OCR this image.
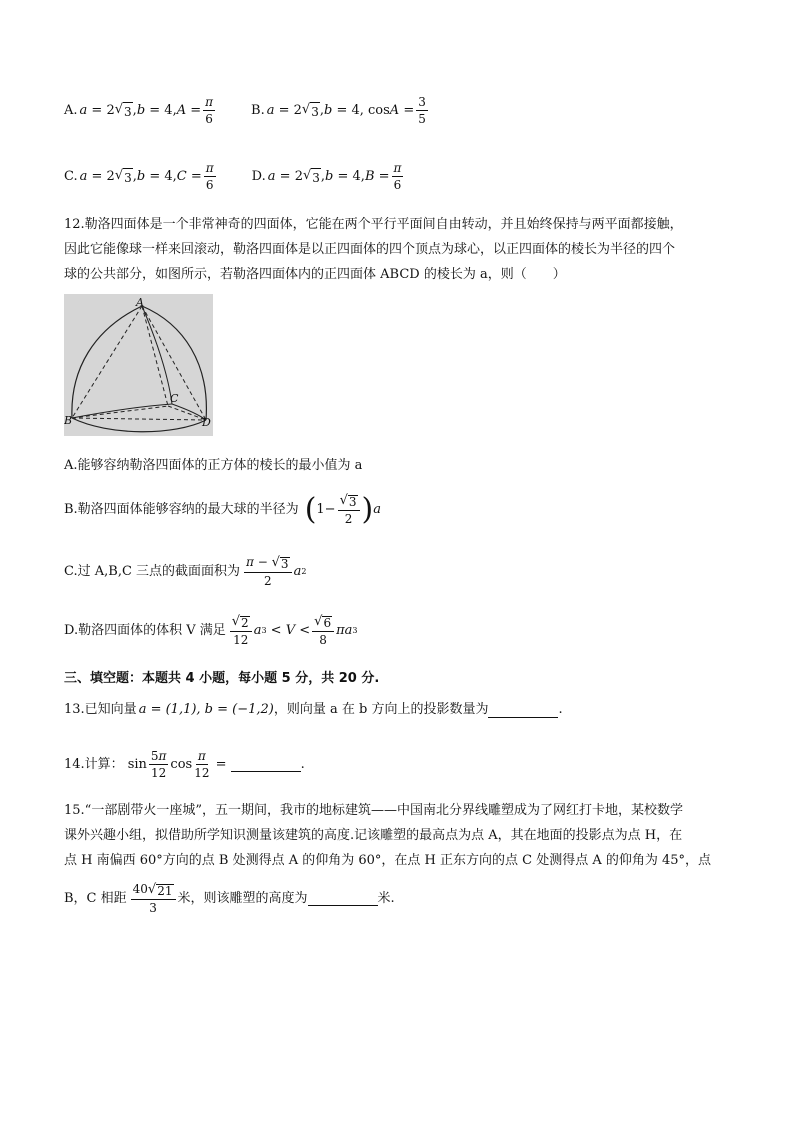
A. a = 2 √ 3 , b = 4, $A = \frac{\pi}{6}$	B. a = 2 √ 3 , b = 4, $\cos A = \frac{3}{5}$
C. a = 2 √ 3 , b = 4, $C = \frac{\pi}{6}$	D. a = 2 √ 3 , b = 4, $B = \frac{\pi}{6}$
12.勒洛四面体是一个非常神奇的四面体，它能在两个平行平面间自由转动，并且始终保持与两平面都接触，
因此它能像球一样来回滚动，勒洛四面体是以正四面体的四个顶点为球心，以正四面体的棱长为半径的四个
球的公共部分，如图所示，若勒洛四面体内的正四面体 ABCD 的棱长为 a，则（　　）
A
B
C
D
A.能够容纳勒洛四面体的正方体的棱长的最小值为 a
B.勒洛四面体能够容纳的最大球的半径为 ( $1- \frac{√ 3}{2}$ ) a
C.过 A,B,C 三点的截面面积为 $\frac{\pi - √ 3}{2}$ a 2
D.勒洛四面体的体积 V 满足 $\frac{√ 2}{12}$ a $3 < V < \frac{√ 6}{8}$ πa 3
三、填空题：本题共 4 小题，每小题 5 分，共 20 分.
13.已知向量 a = (1,1), b = (−1,2) ，则向量 a 在 b 方向上的投影数量为	.
14.计算： $\sin \frac{5\pi}{12}$ $\cos \frac{\pi}{12}$ =	.
15.“一部剧带火一座城”，五一期间，我市的地标建筑——中国南北分界线雕塑成为了网红打卡地，某校数学
课外兴趣小组，拟借助所学知识测量该建筑的高度.记该雕塑的最高点为点 A，其在地面的投影点为点 H，在
点 H 南偏西 60°方向的点 B 处测得点 A 的仰角为 60°，在点 H 正东方向的点 C 处测得点 A 的仰角为 45°，点
B，C 相距 $\frac{40 √ 21}{3}$ 米，则该雕塑的高度为	米.
